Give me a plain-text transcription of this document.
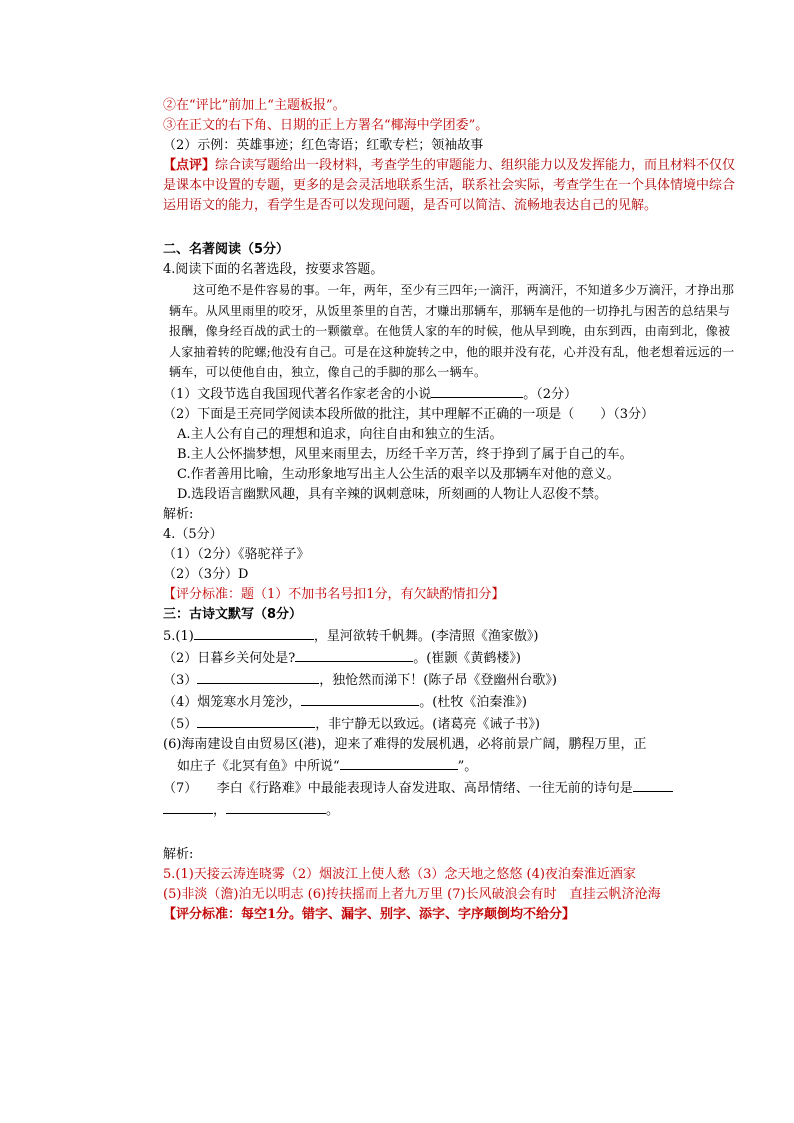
②在“评比”前加上“主题板报”。

③在正文的右下角、日期的正上方署名“椰海中学团委”。

（2）示例：英雄事迹；红色寄语；红歌专栏；领袖故事

【点评】综合读写题给出一段材料，考查学生的审题能力、组织能力以及发挥能力，而且材料不仅仅是课本中设置的专题，更多的是会灵活地联系生活，联系社会实际，考查学生在一个具体情境中综合运用语文的能力，看学生是否可以发现问题，是否可以简洁、流畅地表达自己的见解。

二、名著阅读（5分）

4.阅读下面的名著选段，按要求答题。

这可绝不是件容易的事。一年，两年，至少有三四年;一滴汗，两滴汗，不知道多少万滴汗，才挣出那辆车。从风里雨里的咬牙，从饭里茶里的自苦，才赚出那辆车，那辆车是他的一切挣扎与困苦的总结果与报酬，像身经百战的武士的一颗徽章。在他赁人家的车的时候，他从早到晚，由东到西，由南到北，像被人家抽着转的陀螺;他没有自己。可是在这种旋转之中，他的眼并没有花，心并没有乱，他老想着远远的一辆车，可以使他自由，独立，像自己的手脚的那么一辆车。

（1）文段节选自我国现代著名作家老舍的小说	。（2分）

（2）下面是王亮同学阅读本段所做的批注，其中理解不正确的一项是（　　）（3分）

A.主人公有自己的理想和追求，向往自由和独立的生活。

B.主人公怀揣梦想，风里来雨里去，历经千辛万苦，终于挣到了属于自己的车。

C.作者善用比喻，生动形象地写出主人公生活的艰辛以及那辆车对他的意义。

D.选段语言幽默风趣，具有辛辣的讽刺意味，所刻画的人物让人忍俊不禁。

解析:

4.（5分）

（1）（2分）《骆驼祥子》

（2）（3分）D

【评分标准：题（1）不加书名号扣1分，有欠缺酌情扣分】

三：古诗文默写（8分）

5.(1)	，星河欲转千帆舞。(李清照《渔家傲》)

（2）日暮乡关何处是?	。(崔颢《黄鹤楼》)

（3）	，独怆然而涕下！(陈子昂《登幽州台歌》)

（4）烟笼寒水月笼沙，	。(杜牧《泊秦淮》)

（5）	，非宁静无以致远。(诸葛亮《诫子书》)

(6)海南建设自由贸易区(港)，迎来了难得的发展机遇，必将前景广阔，鹏程万里，正

如庄子《北冥有鱼》中所说“	”。

（7）　　李白《行路难》中最能表现诗人奋发进取、高昂情绪、一往无前的诗句是

，	。

解析:

5.(1)天接云涛连晓雾（2）烟波江上使人愁（3）念天地之悠悠 (4)夜泊秦淮近酒家

(5)非淡（澹)泊无以明志 (6)抟扶摇而上者九万里 (7)长风破浪会有时　直挂云帆济沧海

【评分标准：每空1分。错字、漏字、别字、添字、字序颠倒均不给分】
